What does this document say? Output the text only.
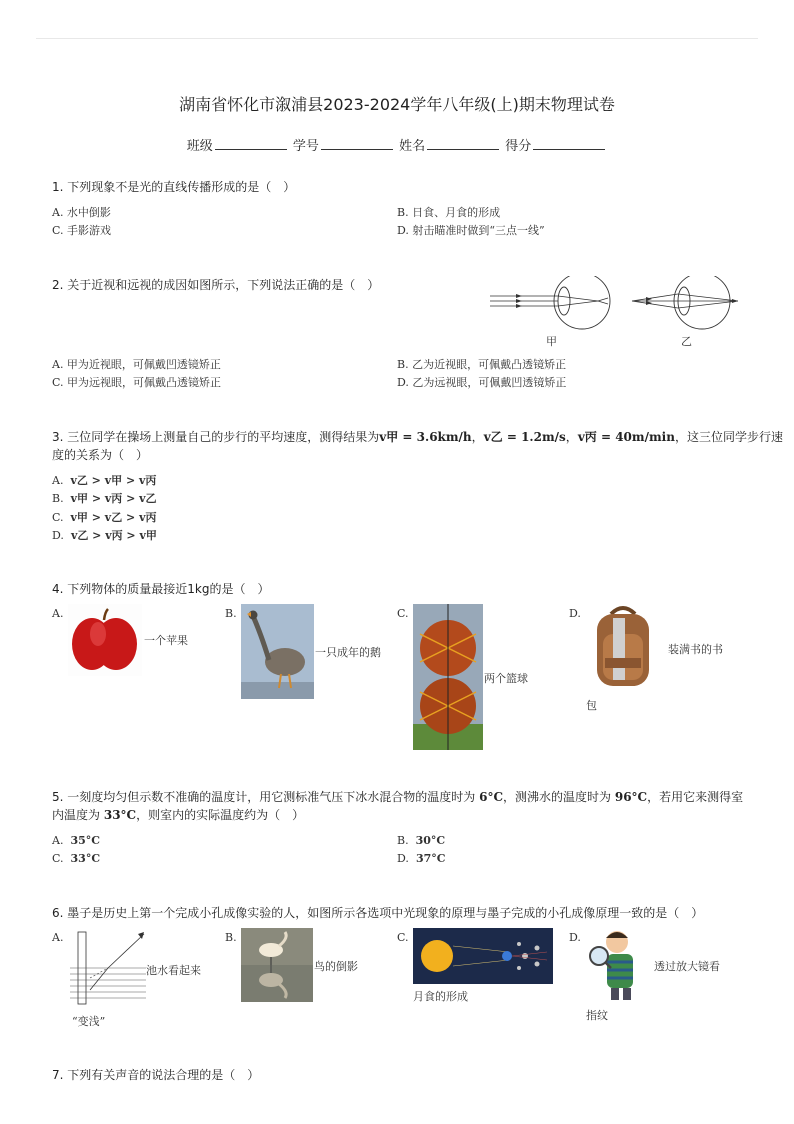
湖南省怀化市溆浦县2023-2024学年八年级(上)期末物理试卷
班级	学号	姓名	得分
1. 下列现象不是光的直线传播形成的是（　）
A. 水中倒影	B. 日食、月食的形成
C. 手影游戏	D. 射击瞄准时做到“三点一线”
2. 关于近视和远视的成因如图所示，下列说法正确的是（　）
甲	乙
A. 甲为近视眼，可佩戴凹透镜矫正	B. 乙为近视眼，可佩戴凸透镜矫正
C. 甲为远视眼，可佩戴凸透镜矫正	D. 乙为远视眼，可佩戴凹透镜矫正
3. 三位同学在操场上测量自己的步行的平均速度，测得结果为v甲 = 3.6km/h，v乙 = 1.2m/s，v丙 = 40m/min，这三位同学步行速
度的关系为（　）
A. v乙 > v甲 > v丙
B. v甲 > v丙 > v乙
C. v甲 > v乙 > v丙
D. v乙 > v丙 > v甲
4. 下列物体的质量最接近1kg的是（　）
A.
一个苹果
B.
一只成年的鹅
C.
两个篮球
D.
装满书的书
包
5. 一刻度均匀但示数不准确的温度计，用它测标准气压下冰水混合物的温度时为 6°C，测沸水的温度时为 96°C，若用它来测得室
内温度为 33°C，则室内的实际温度约为（　）
A. 35°C	B. 30°C
C. 33°C	D. 37°C
6. 墨子是历史上第一个完成小孔成像实验的人，如图所示各选项中光现象的原理与墨子完成的小孔成像原理一致的是（　）
A.
池水看起来
“变浅”
B.
鸟的倒影
C.
月食的形成
D.
透过放大镜看
指纹
7. 下列有关声音的说法合理的是（　）
